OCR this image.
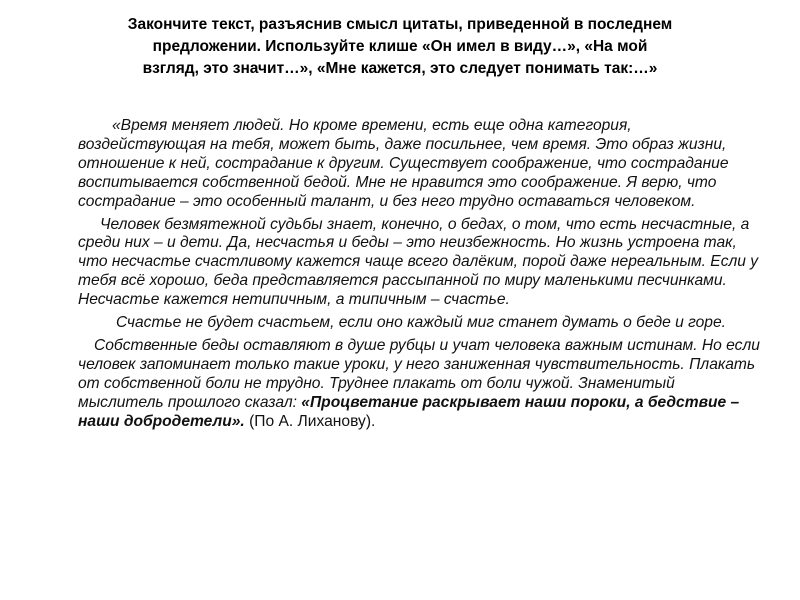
Закончите текст, разъяснив смысл цитаты, приведенной в последнем

предложении. Используйте клише «Он имел в виду…», «На мой

взгляд, это значит…», «Мне кажется, это следует понимать так:…»

«Время меняет людей. Но кроме времени, есть еще одна категория, воздействующая на тебя, может быть, даже посильнее, чем время. Это образ жизни, отношение к ней, сострадание к другим. Существует соображение, что сострадание воспитывается собственной бедой. Мне не нравится это соображение. Я верю, что сострадание – это особенный талант, и без него трудно оставаться человеком.

Человек безмятежной судьбы знает, конечно, о бедах, о том, что есть несчастные, а среди них – и дети. Да, несчастья и беды – это неизбежность. Но жизнь устроена так, что несчастье счастливому кажется чаще всего далёким, порой даже нереальным. Если у тебя всё хорошо, беда представляется рассыпанной по миру маленькими песчинками. Несчастье кажется нетипичным, а типичным – счастье.

Счастье не будет счастьем, если оно каждый миг станет думать о беде и горе.

Собственные беды оставляют в душе рубцы и учат человека важным истинам. Но если человек запоминает только такие уроки, у него заниженная чувствительность. Плакать от собственной боли не трудно. Труднее плакать от боли чужой. Знаменитый мыслитель прошлого сказал: «Процветание раскрывает наши пороки, а бедствие – наши добродетели». (По А. Лиханову).
